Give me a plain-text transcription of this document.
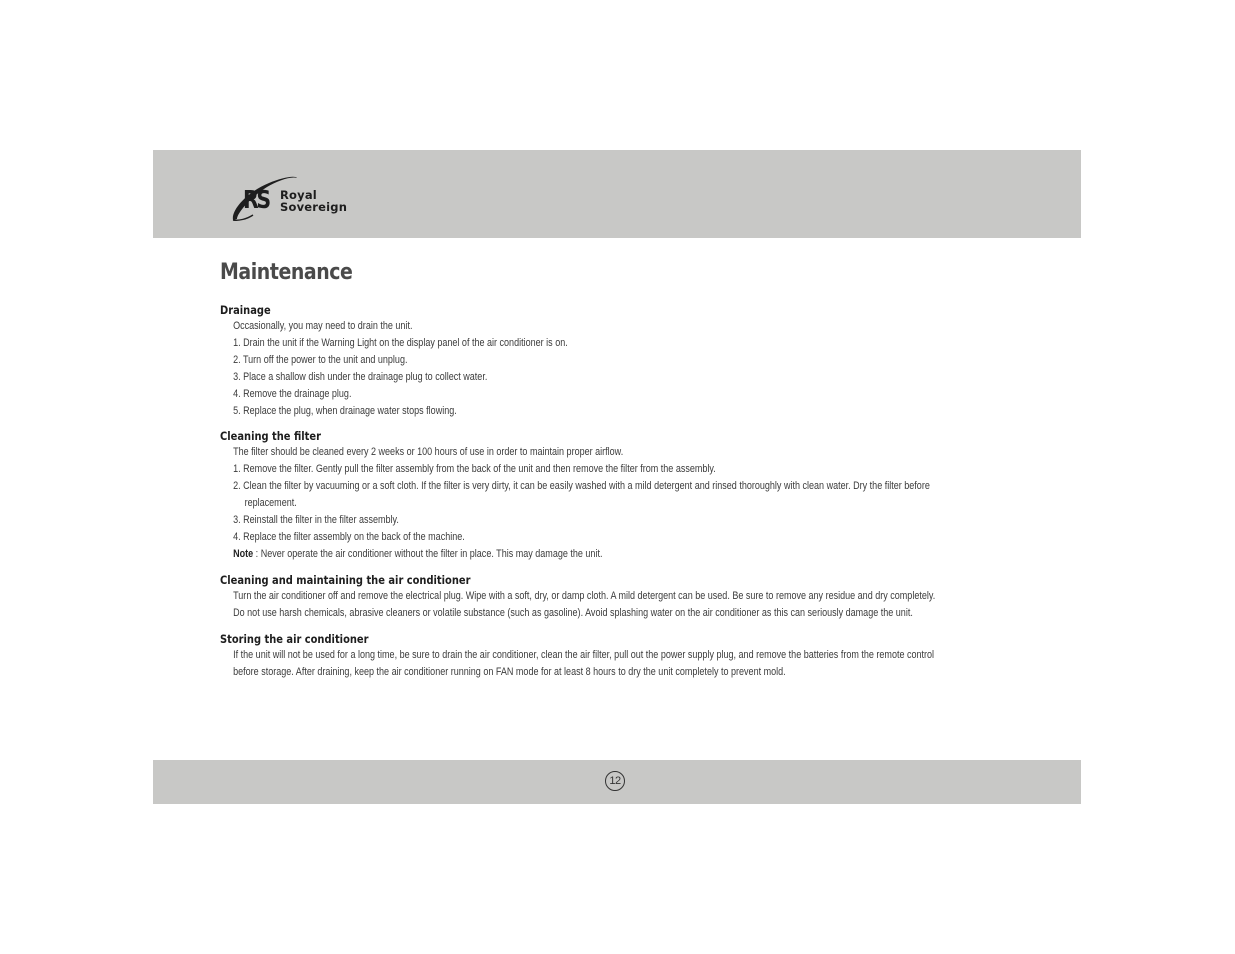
RS Royal
Sovereign
Maintenance
Drainage
Occasionally, you may need to drain the unit.
1. Drain the unit if the Warning Light on the display panel of the air conditioner is on.
2. Turn off the power to the unit and unplug.
3. Place a shallow dish under the drainage plug to collect water.
4. Remove the drainage plug.
5. Replace the plug, when drainage water stops flowing.
Cleaning the filter
The filter should be cleaned every 2 weeks or 100 hours of use in order to maintain proper airflow.
1. Remove the filter. Gently pull the filter assembly from the back of the unit and then remove the filter from the assembly.
2. Clean the filter by vacuuming or a soft cloth. If the filter is very dirty, it can be easily washed with a mild detergent and rinsed thoroughly with clean water. Dry the filter before
replacement.
3. Reinstall the filter in the filter assembly.
4. Replace the filter assembly on the back of the machine.
Note : Never operate the air conditioner without the filter in place. This may damage the unit.
Cleaning and maintaining the air conditioner
Turn the air conditioner off and remove the electrical plug. Wipe with a soft, dry, or damp cloth. A mild detergent can be used. Be sure to remove any residue and dry completely.
Do not use harsh chemicals, abrasive cleaners or volatile substance (such as gasoline). Avoid splashing water on the air conditioner as this can seriously damage the unit.
Storing the air conditioner
If the unit will not be used for a long time, be sure to drain the air conditioner, clean the air filter, pull out the power supply plug, and remove the batteries from the remote control
before storage. After draining, keep the air conditioner running on FAN mode for at least 8 hours to dry the unit completely to prevent mold.
12
